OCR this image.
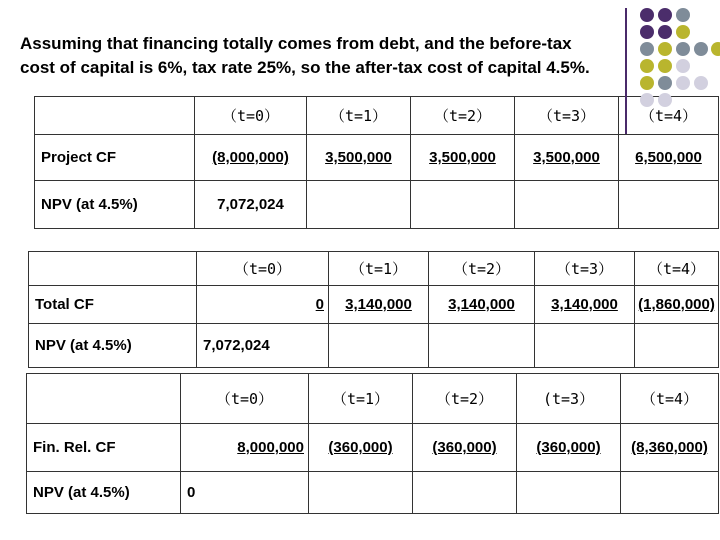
Assuming that financing totally comes from debt, and the before-tax
cost of capital is 6%, tax rate 25%, so the after-tax cost of capital 4.5%.
	（t=0）	（t=1）	（t=2）	（t=3）	（t=4）
Project CF	(8,000,000)	3,500,000	3,500,000	3,500,000	6,500,000
NPV (at 4.5%)	7,072,024				
	（t=0）	（t=1）	（t=2）	（t=3）	（t=4）
Total CF	0	3,140,000	3,140,000	3,140,000	(1,860,000)
NPV (at 4.5%)	7,072,024				
	（t=0）	（t=1）	（t=2）	(t=3）	（t=4）
Fin. Rel. CF	8,000,000	(360,000)	(360,000)	(360,000)	(8,360,000)
NPV (at 4.5%)	0				
